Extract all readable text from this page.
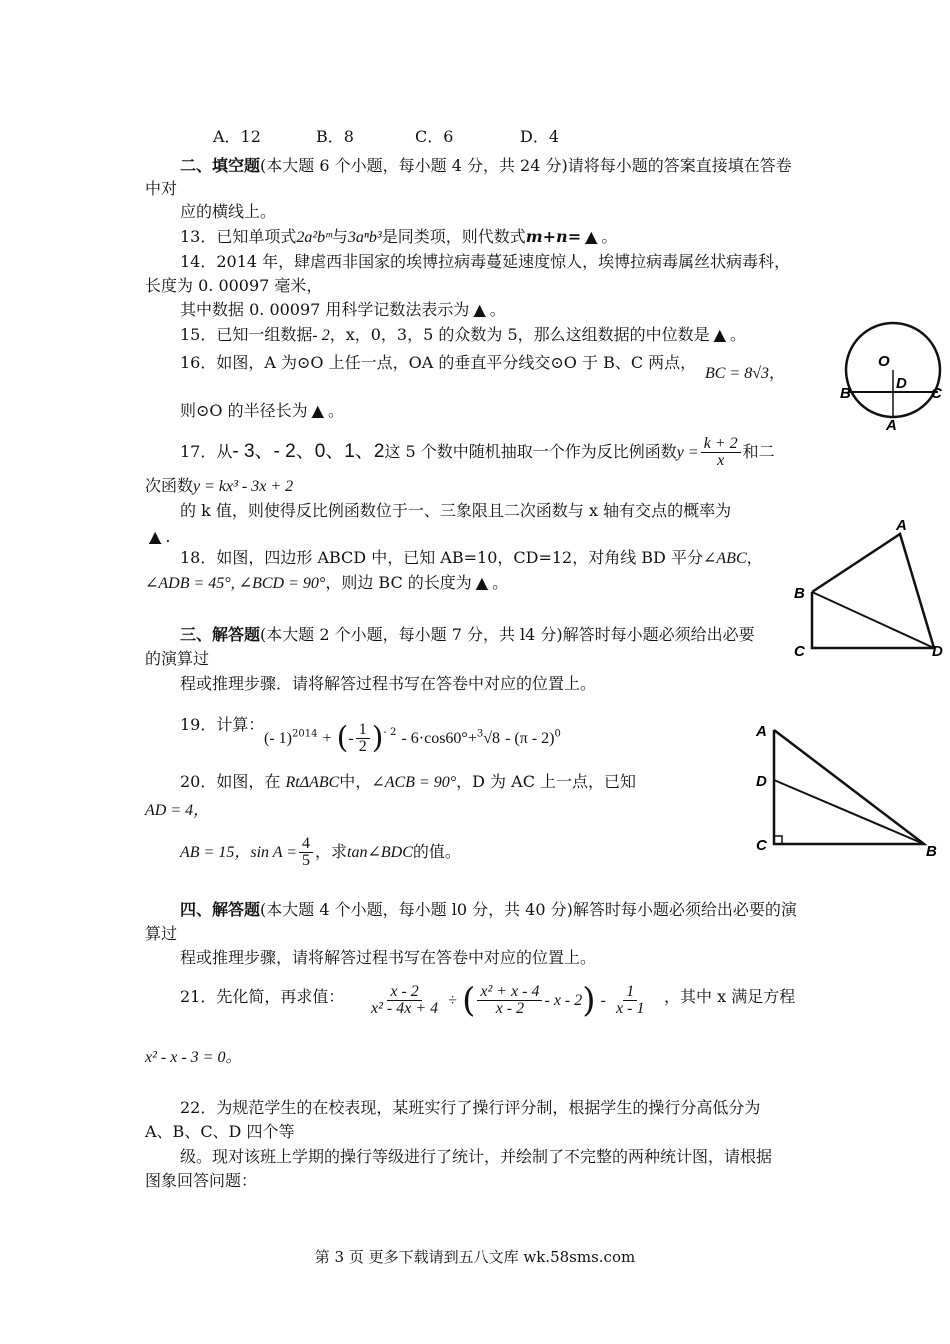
A．12	B．8	C．6	D．4
二、填空题(本大题 6 个小题，每小题 4 分，共 24 分)请将每小题的答案直接填在答卷
中对
应的横线上。
13．已知单项式2a²bᵐ与3aⁿb³是同类项，则代数式m+n= ▲ 。
14．2014 年，肆虐西非国家的埃博拉病毒蔓延速度惊人，埃博拉病毒属丝状病毒科，
长度为 0. 00097 毫米，
其中数据 0. 00097 用科学记数法表示为 ▲ 。
15．已知一组数据- 2，x，0，3，5 的众数为 5，那么这组数据的中位数是 ▲ 。
16．如图，A 为⊙O 上任一点，OA 的垂直平分线交⊙O 于 B、C 两点，
BC = 8√3，
则⊙O 的半径长为 ▲ 。
O
D
B	C
A
17．从- 3、- 2、0、1、2这 5 个数中随机抽取一个作为反比例函数$y = \frac{k + 2}{x}$ 和二
次函数y = kx³ - 3x + 2
的 k 值，则使得反比例函数位于一、三象限且二次函数与 x 轴有交点的概率为
▲ .
18．如图，四边形 ABCD 中，已知 AB=10，CD=12，对角线 BD 平分∠ABC，
∠ADB = 45°, ∠BCD = 90°，则边 BC 的长度为 ▲ 。
A
B
C	D
三、解答题(本大题 2 个小题，每小题 7 分，共 l4 分)解答时每小题必须给出必要
的演算过
程或推理步骤．请将解答过程书写在答卷中对应的位置上。
19．计算：
(- 1)$^{2014}$ + (- $\frac{1}{2} )^{- 2} - 6\cdot\cos 60^\circ+^3√8 - (\pi - 2)^0$
20．如图，在 RtΔABC中，∠ACB = 90°，D 为 AC 上一点，已知
AD = 4，
AB = 15，$\sin A = \frac{4}{5}$ ，求tan∠BDC的值。
A
D
C	B
四、解答题(本大题 4 个小题，每小题 l0 分，共 40 分)解答时每小题必须给出必要的演
算过
程或推理步骤，请将解答过程书写在答卷中对应的位置上。
21．先化简，再求值： $\frac{x - 2}{\text{x² - 4x + 4}}$ ÷ ( $\frac{\text{x² + x - 4}}{x - 2}$ - x - $2) - \frac{1}{x - 1}$ ，其中 x 满足方程
x² - x - 3 = 0。
22．为规范学生的在校表现，某班实行了操行评分制，根据学生的操行分高低分为
A、B、C、D 四个等
级。现对该班上学期的操行等级进行了统计，并绘制了不完整的两种统计图，请根据
图象回答问题：
第 3 页 更多下载请到五八文库 wk.58sms.com
